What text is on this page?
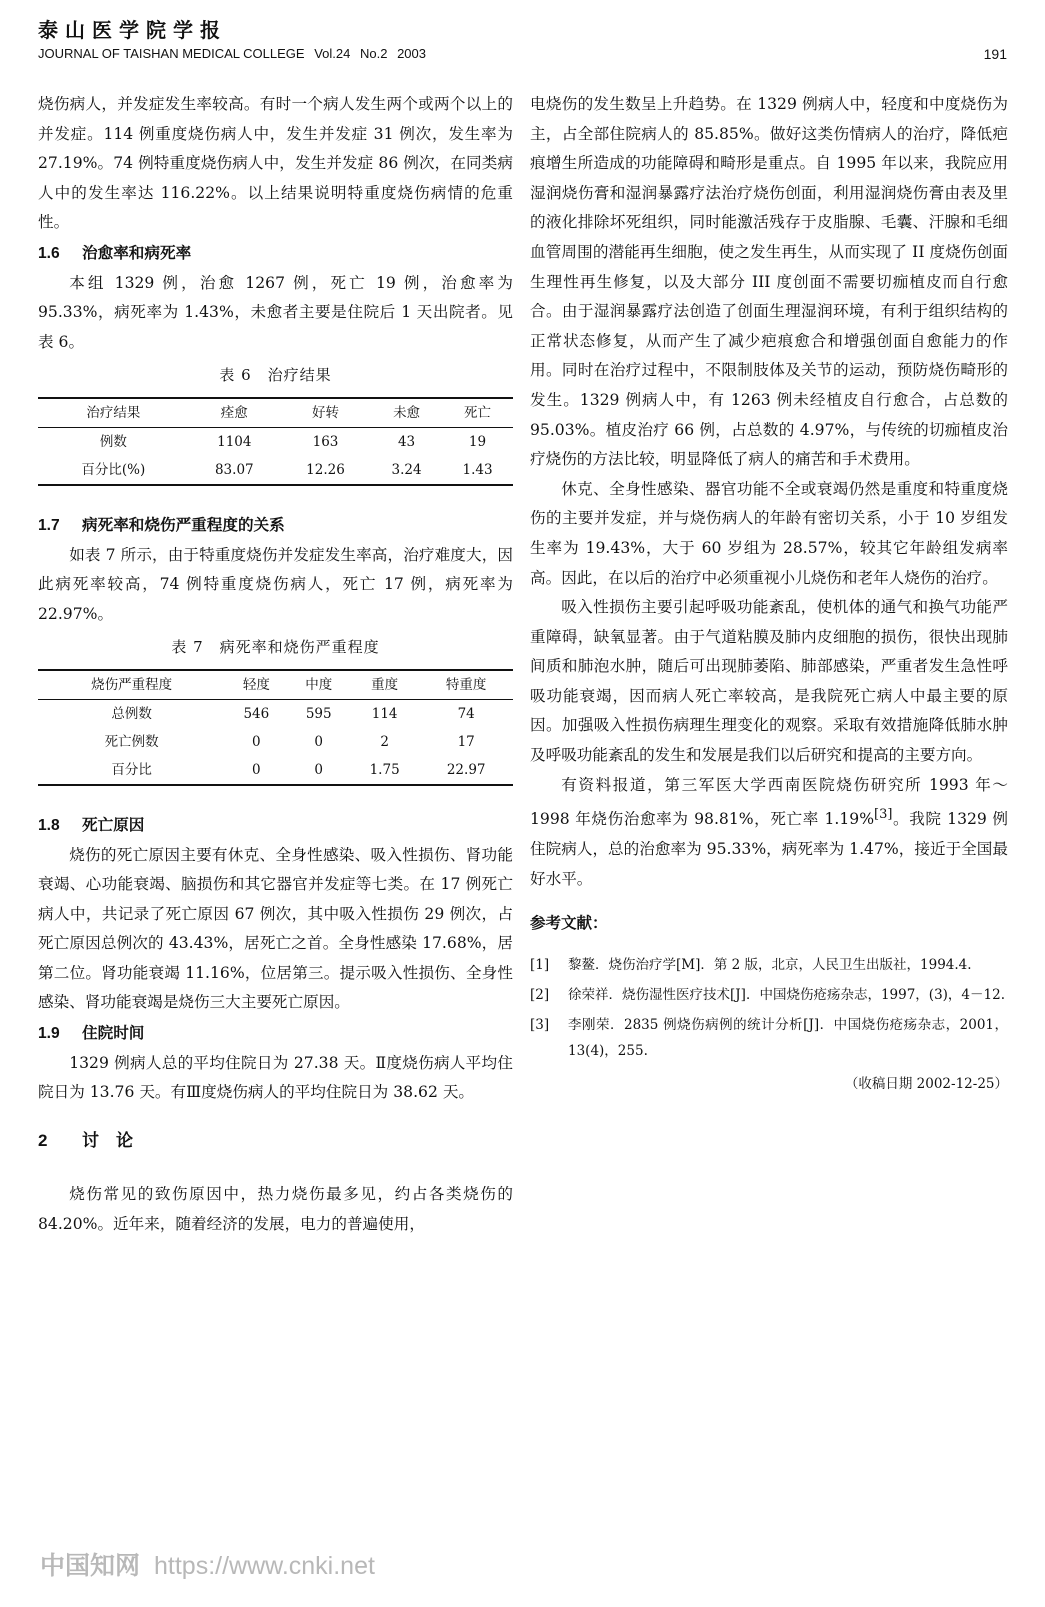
泰山医学院学报
JOURNAL OF TAISHAN MEDICAL COLLEGE Vol.24 No.2 2003	191

烧伤病人，并发症发生率较高。有时一个病人发生两个或两个以上的并发症。114 例重度烧伤病人中，发生并发症 31 例次，发生率为 27.19%。74 例特重度烧伤病人中，发生并发症 86 例次，在同类病人中的发生率达 116.22%。以上结果说明特重度烧伤病情的危重性。

1.6 治愈率和病死率

本组 1329 例，治愈 1267 例，死亡 19 例，治愈率为 95.33%，病死率为 1.43%，未愈者主要是住院后 1 天出院者。见表 6。

表 6　治疗结果
治疗结果	痊愈	好转	未愈	死亡
例数	1104	163	43	19
百分比(%)	83.07	12.26	3.24	1.43

1.7 病死率和烧伤严重程度的关系

如表 7 所示，由于特重度烧伤并发症发生率高，治疗难度大，因此病死率较高，74 例特重度烧伤病人，死亡 17 例，病死率为 22.97%。

表 7　病死率和烧伤严重程度
烧伤严重程度	轻度	中度	重度	特重度
总例数	546	595	114	74
死亡例数	0	0	2	17
百分比	0	0	1.75	22.97

1.8 死亡原因

烧伤的死亡原因主要有休克、全身性感染、吸入性损伤、肾功能衰竭、心功能衰竭、脑损伤和其它器官并发症等七类。在 17 例死亡病人中，共记录了死亡原因 67 例次，其中吸入性损伤 29 例次，占死亡原因总例次的 43.43%，居死亡之首。全身性感染 17.68%，居第二位。肾功能衰竭 11.16%，位居第三。提示吸入性损伤、全身性感染、肾功能衰竭是烧伤三大主要死亡原因。

1.9 住院时间

1329 例病人总的平均住院日为 27.38 天。Ⅱ度烧伤病人平均住院日为 13.76 天。有Ⅲ度烧伤病人的平均住院日为 38.62 天。

2 讨　论

烧伤常见的致伤原因中，热力烧伤最多见，约占各类烧伤的 84.20%。近年来，随着经济的发展，电力的普遍使用，

电烧伤的发生数呈上升趋势。在 1329 例病人中，轻度和中度烧伤为主，占全部住院病人的 85.85%。做好这类伤情病人的治疗，降低疤痕增生所造成的功能障碍和畸形是重点。自 1995 年以来，我院应用湿润烧伤膏和湿润暴露疗法治疗烧伤创面，利用湿润烧伤膏由表及里的液化排除坏死组织，同时能激活残存于皮脂腺、毛囊、汗腺和毛细血管周围的潜能再生细胞，使之发生再生，从而实现了 II 度烧伤创面生理性再生修复，以及大部分 III 度创面不需要切痂植皮而自行愈合。由于湿润暴露疗法创造了创面生理湿润环境，有利于组织结构的正常状态修复，从而产生了减少疤痕愈合和增强创面自愈能力的作用。同时在治疗过程中，不限制肢体及关节的运动，预防烧伤畸形的发生。1329 例病人中，有 1263 例未经植皮自行愈合，占总数的 95.03%。植皮治疗 66 例，占总数的 4.97%，与传统的切痂植皮治疗烧伤的方法比较，明显降低了病人的痛苦和手术费用。

休克、全身性感染、器官功能不全或衰竭仍然是重度和特重度烧伤的主要并发症，并与烧伤病人的年龄有密切关系，小于 10 岁组发生率为 19.43%，大于 60 岁组为 28.57%，较其它年龄组发病率高。因此，在以后的治疗中必须重视小儿烧伤和老年人烧伤的治疗。

吸入性损伤主要引起呼吸功能紊乱，使机体的通气和换气功能严重障碍，缺氧显著。由于气道粘膜及肺内皮细胞的损伤，很快出现肺间质和肺泡水肿，随后可出现肺萎陷、肺部感染，严重者发生急性呼吸功能衰竭，因而病人死亡率较高，是我院死亡病人中最主要的原因。加强吸入性损伤病理生理变化的观察。采取有效措施降低肺水肿及呼吸功能紊乱的发生和发展是我们以后研究和提高的主要方向。

有资料报道，第三军医大学西南医院烧伤研究所 1993 年～1998 年烧伤治愈率为 98.81%，死亡率 1.19%[3]。我院 1329 例住院病人，总的治愈率为 95.33%，病死率为 1.47%，接近于全国最好水平。

参考文献：
[1]	黎鳌．烧伤治疗学[M]．第 2 版，北京，人民卫生出版社，1994.4.
[2]	徐荣祥．烧伤湿性医疗技术[J]．中国烧伤疮疡杂志，1997，(3)，4－12.
[3]	李刚荣．2835 例烧伤病例的统计分析[J]．中国烧伤疮疡杂志，2001，13(4)，255.
（收稿日期 2002-12-25）
中国知网 https://www.cnki.net
